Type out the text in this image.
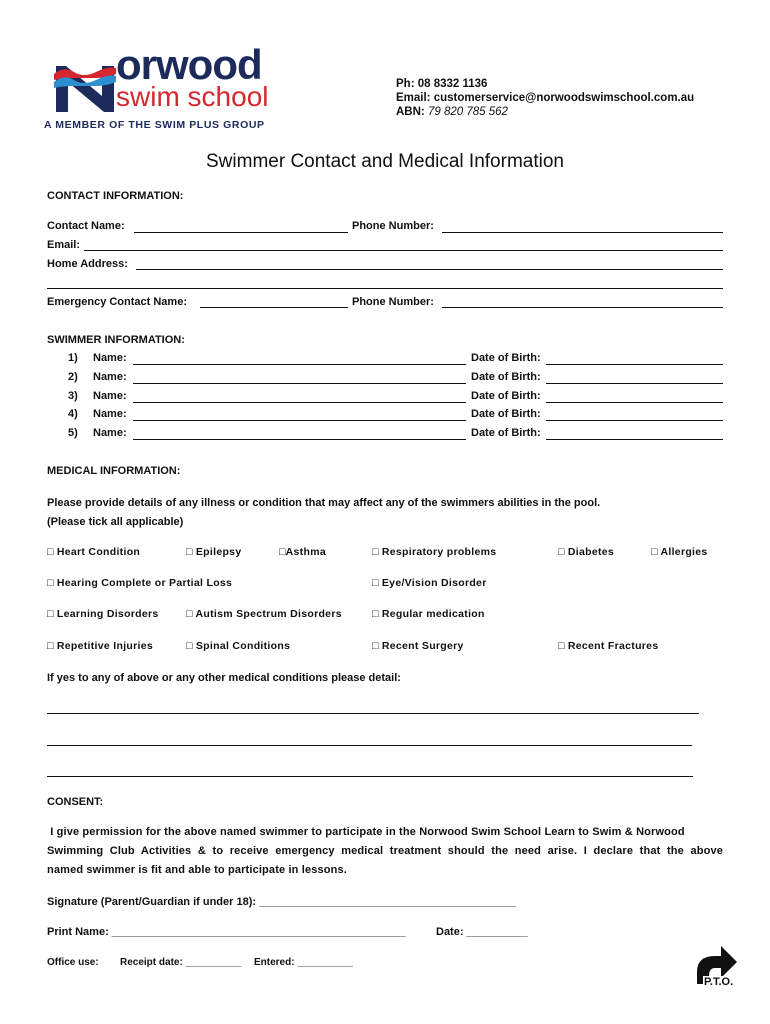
orwood
swim school
A MEMBER OF THE SWIM PLUS GROUP
Ph: 08 8332 1136
Email: customerservice@norwoodswimschool.com.au
ABN: 79 820 785 562
Swimmer Contact and Medical Information
CONTACT INFORMATION:
Contact Name:	Phone Number:
Email:
Home Address:
Emergency Contact Name:	Phone Number:
SWIMMER INFORMATION:
1) Name:	Date of Birth:
2) Name:	Date of Birth:
3) Name:	Date of Birth:
4) Name:	Date of Birth:
5) Name:	Date of Birth:
MEDICAL INFORMATION:
Please provide details of any illness or condition that may affect any of the swimmers abilities in the pool.
(Please tick all applicable)
□ Heart Condition	□ Epilepsy	□Asthma	□ Respiratory problems	□ Diabetes	□ Allergies
□ Hearing Complete or Partial Loss	□ Eye/Vision Disorder
□ Learning Disorders	□ Autism Spectrum Disorders	□ Regular medication
□ Repetitive Injuries	□ Spinal Conditions	□ Recent Surgery	□ Recent Fractures
If yes to any of above or any other medical conditions please detail:
CONSENT:
I give permission for the above named swimmer to participate in the Norwood Swim School Learn to Swim & Norwood
Swimming Club Activities & to receive emergency medical treatment should the need arise. I declare that the above
named swimmer is fit and able to participate in lessons.
Signature (Parent/Guardian if under 18): __________________________________________
Print Name: ________________________________________________	Date: __________
Office use: Receipt date: __________ Entered: __________
P.T.O.
